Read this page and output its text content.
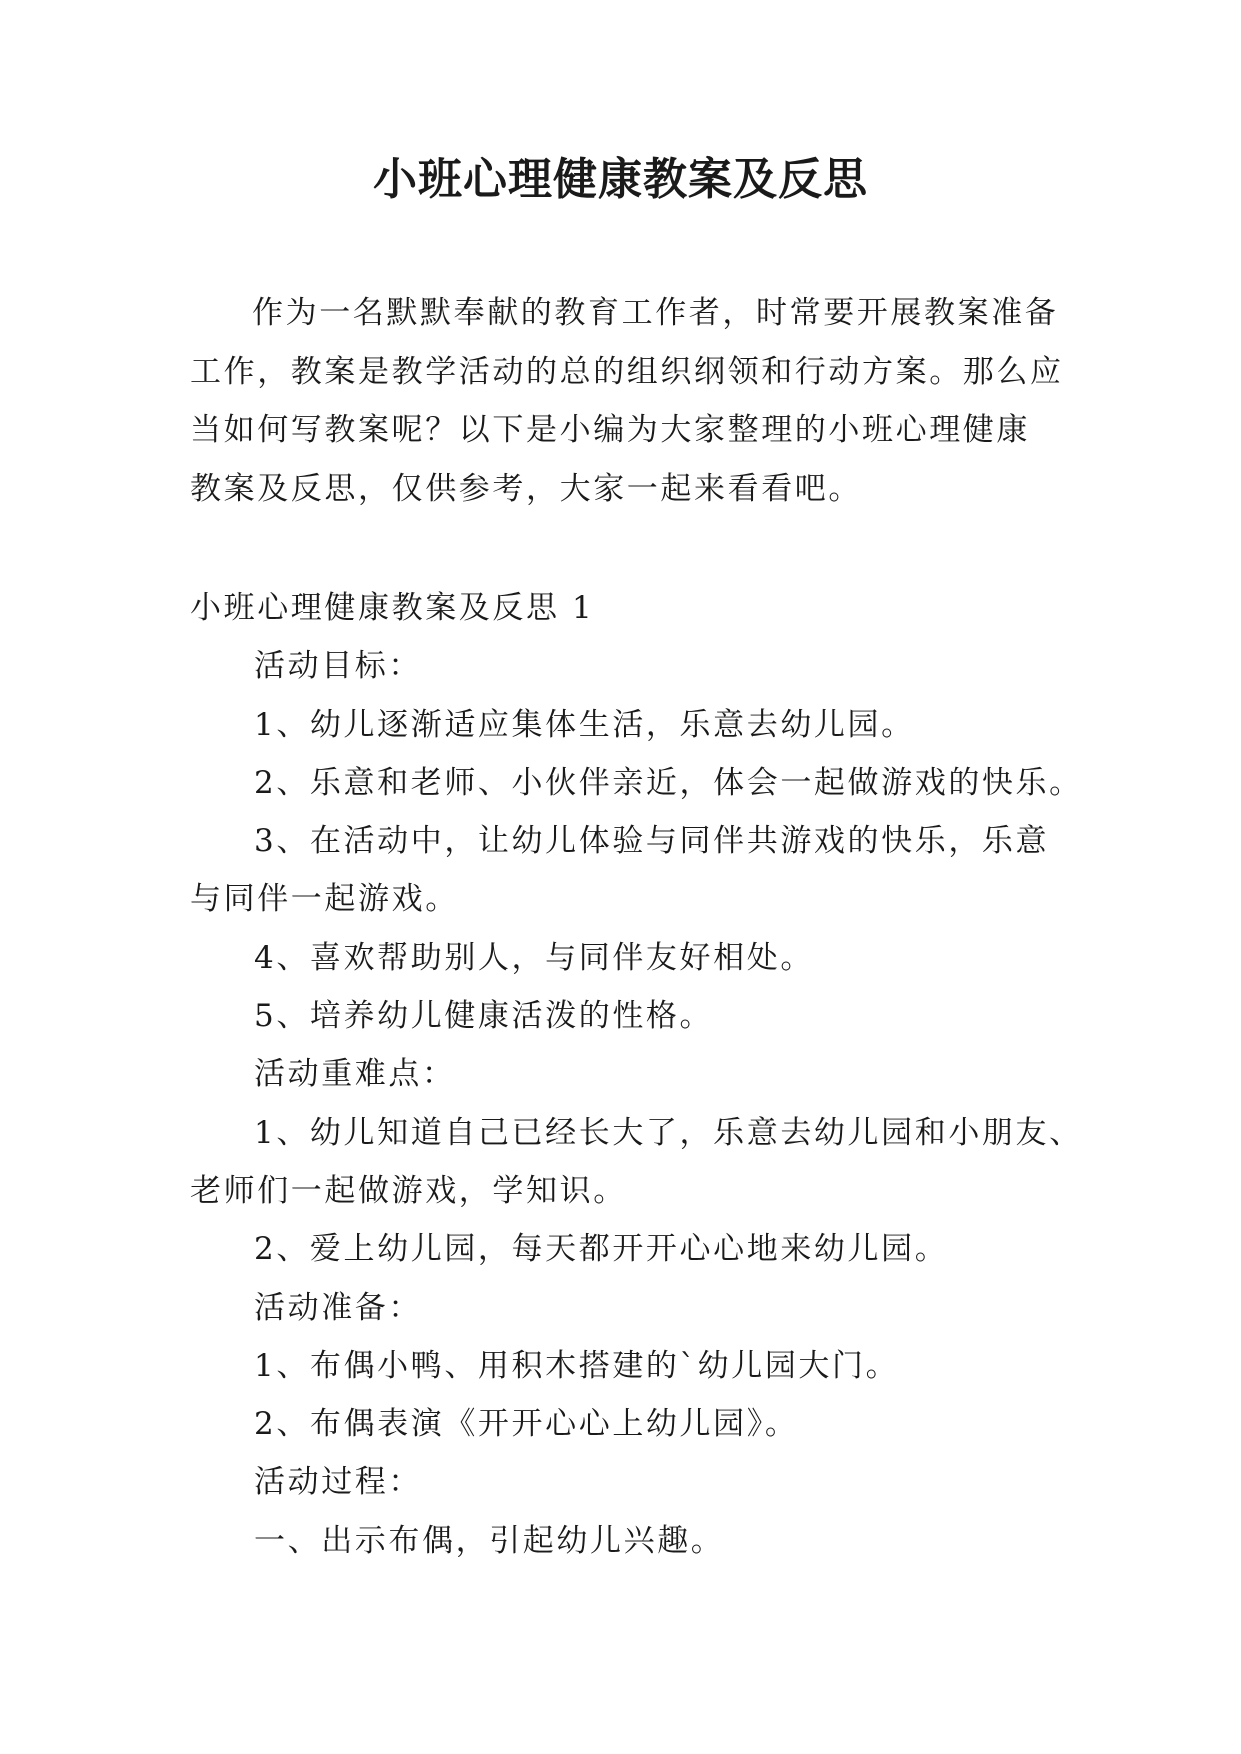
小班心理健康教案及反思
作为一名默默奉献的教育工作者，时常要开展教案准备
工作，教案是教学活动的总的组织纲领和行动方案。那么应
当如何写教案呢？以下是小编为大家整理的小班心理健康
教案及反思，仅供参考，大家一起来看看吧。
小班心理健康教案及反思 1
活动目标：
1、幼儿逐渐适应集体生活，乐意去幼儿园。
2、乐意和老师、小伙伴亲近，体会一起做游戏的快乐。
3、在活动中，让幼儿体验与同伴共游戏的快乐，乐意
与同伴一起游戏。
4、喜欢帮助别人，与同伴友好相处。
5、培养幼儿健康活泼的性格。
活动重难点：
1、幼儿知道自己已经长大了，乐意去幼儿园和小朋友、
老师们一起做游戏，学知识。
2、爱上幼儿园，每天都开开心心地来幼儿园。
活动准备：
1、布偶小鸭、用积木搭建的`幼儿园大门。
2、布偶表演《开开心心上幼儿园》。
活动过程：
一、出示布偶，引起幼儿兴趣。
